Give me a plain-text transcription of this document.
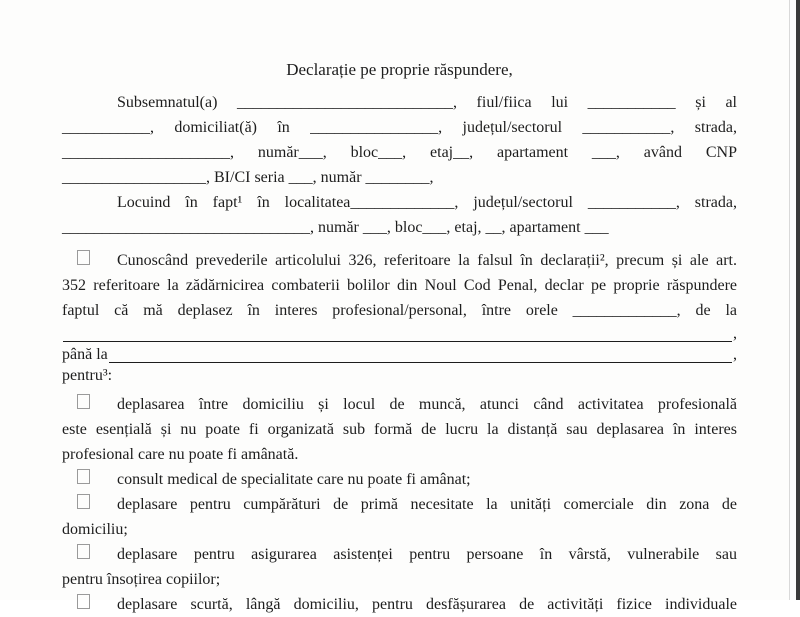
Declarație pe proprie răspundere,
Subsemnatul(a) ___________________________, fiul/fiica lui ___________ și al
___________, domiciliat(ă) în ________________, județul/sectorul ___________, strada,
_____________________, număr___, bloc___, etaj__, apartament ___, având CNP
__________________, BI/CI seria ___, număr ________,
Locuind în fapt¹ în localitatea_____________, județul/sectorul ___________, strada,
_______________________________, număr ___, bloc___, etaj, __, apartament ___
Cunoscând prevederile articolului 326, referitoare la falsul în declarații², precum și ale art.
352 referitoare la zădărnicirea combaterii bolilor din Noul Cod Penal, declar pe proprie răspundere
faptul că mă deplasez în interes profesional/personal, între orele _____________, de la
,
până la	,
pentru³:
deplasarea între domiciliu și locul de muncă, atunci când activitatea profesională
este esențială și nu poate fi organizată sub formă de lucru la distanță sau deplasarea în interes
profesional care nu poate fi amânată.
consult medical de specialitate care nu poate fi amânat;
deplasare pentru cumpărături de primă necesitate la unități comerciale din zona de
domiciliu;
deplasare pentru asigurarea asistenței pentru persoane în vârstă, vulnerabile sau
pentru însoțirea copiilor;
deplasare scurtă, lângă domiciliu, pentru desfășurarea de activități fizice individuale
